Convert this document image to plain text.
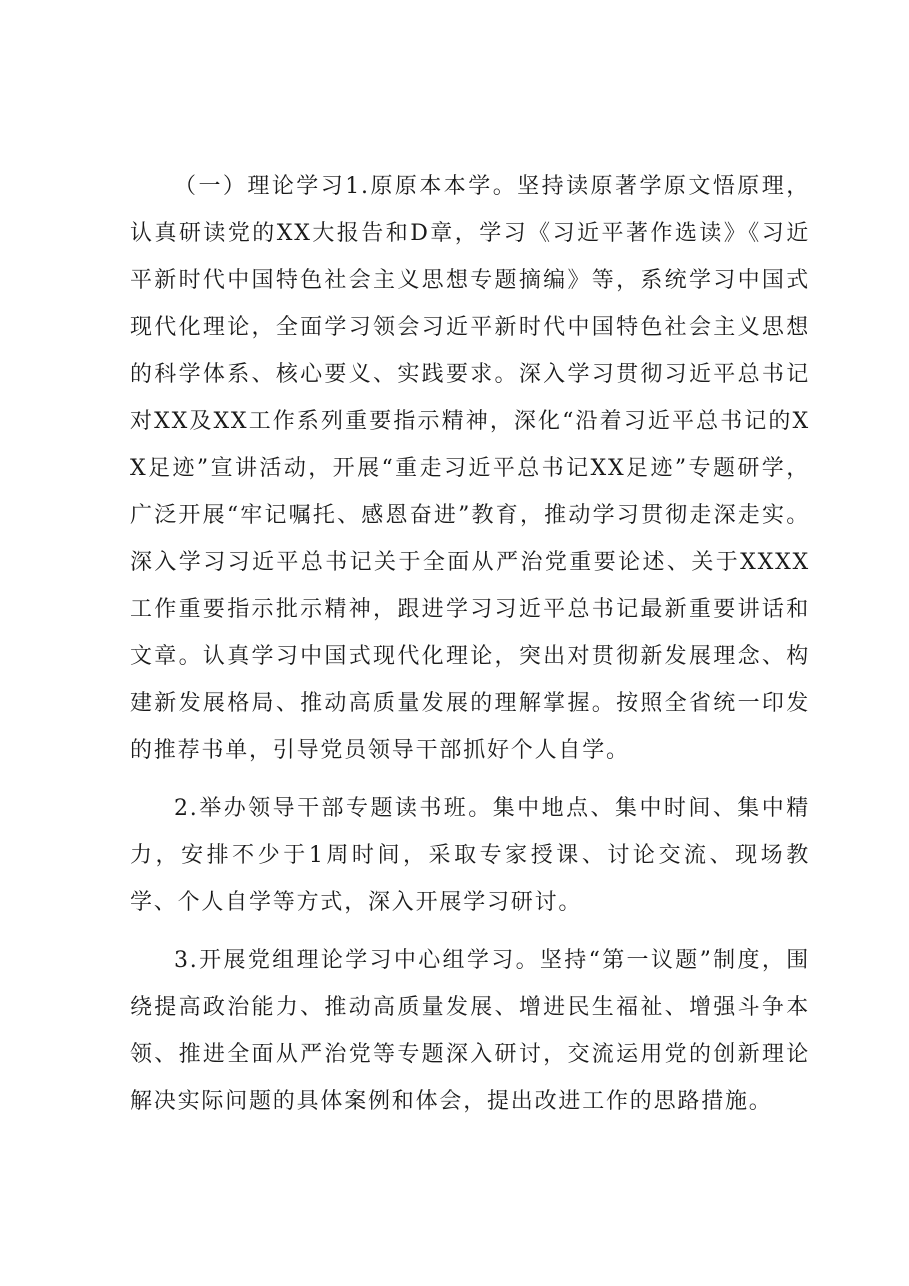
（一）理论学习1.原原本本学。坚持读原著学原文悟原理，认真研读党的XX大报告和D章，学习《习近平著作选读》《习近平新时代中国特色社会主义思想专题摘编》等，系统学习中国式现代化理论，全面学习领会习近平新时代中国特色社会主义思想的科学体系、核心要义、实践要求。深入学习贯彻习近平总书记对XX及XX工作系列重要指示精神，深化“沿着习近平总书记的XX足迹”宣讲活动，开展“重走习近平总书记XX足迹”专题研学，广泛开展“牢记嘱托、感恩奋进”教育，推动学习贯彻走深走实。深入学习习近平总书记关于全面从严治党重要论述、关于XXXX工作重要指示批示精神，跟进学习习近平总书记最新重要讲话和文章。认真学习中国式现代化理论，突出对贯彻新发展理念、构建新发展格局、推动高质量发展的理解掌握。按照全省统一印发的推荐书单，引导党员领导干部抓好个人自学。

2.举办领导干部专题读书班。集中地点、集中时间、集中精力，安排不少于1周时间，采取专家授课、讨论交流、现场教学、个人自学等方式，深入开展学习研讨。

3.开展党组理论学习中心组学习。坚持“第一议题”制度，围绕提高政治能力、推动高质量发展、增进民生福祉、增强斗争本领、推进全面从严治党等专题深入研讨，交流运用党的创新理论解决实际问题的具体案例和体会，提出改进工作的思路措施。
